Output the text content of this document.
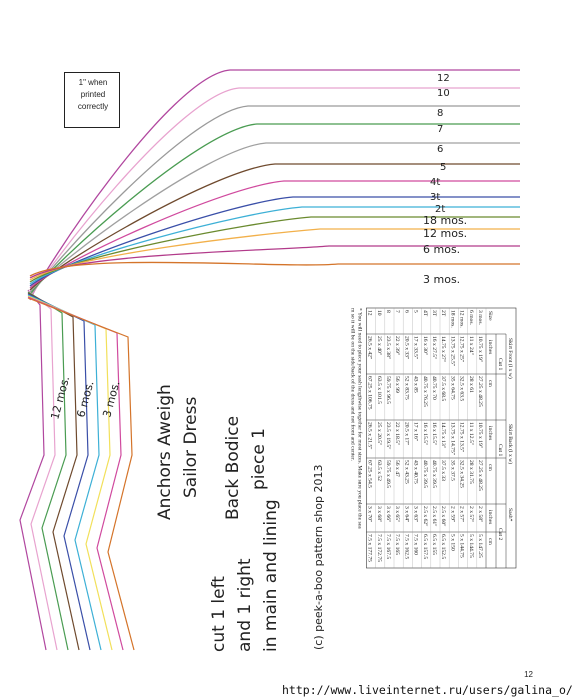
12
10
8
7
6
5
4t
3t
2t
18 mos.
12 mos.
6 mos.
3 mos.
12 mos. 6 mos. 3 mos. Anchors Aweigh Sailor Dress Back Bodice piece 1
cut 1 left and 1 right in main and lining	(c) peek-a-boo pattern shop 2013
Size
Skirt Front (l x w)
Skirt Back (l x w)
Sash*
Cut 1
Cut 1
Cut 2
inches
cm
inches
cm
inches
cm
3 mos.
10.75 x 19"
27.25 x 48.25
10.75 x 19"
27.25 x 48.25
2 x 58"
5 x 147.25
6 mos.
11 x 24"
28 x 61
11 x 12.5"
28 x 31.75
2 x 57"
5 x 144.75
12 mos.
12.75 x 25"
32.5 x 63.5
12.75 x 13.5"
32.5 x 34.25
2 x 57"
5 x 144.75
18 mos.
13.75 x 25.5"
35 x 64.75
13.75 x 14.75"
35 x 37.5
2 x 59"
5 x 150
2T
14.75 x 27"
37.5 x 68.5
14.75 x 13"
37.5 x 33
2.5 x 60"
6.5 x 152.5
3T
16 x 27.5"
40.75 x 70
16 x 15.5"
40.75 x 39.5
2.5 x 61"
6.5 x 155
4T
16 x 30"
40.75 x 76.25
16 x 15.5"
40.75 x 39.5
2.5 x 62"
6.5 x 157.5
5
17 x 33.5"
43 x 85
17 x 16"
43 x 40.75
3 x 63"
7.5 x 160
6
20.5 x 33"
52 x 83.75
20.5 x 17"
52 x 43.25
3 x 64"
7.5 x 162.5
7
22 x 39"
56 x 99
22 x 18.5"
56 x 47
3 x 65"
7.5 x 165
8
23.5 x 38"
59.75 x 96.5
23.5 x 19.5"
59.75 x 49.5
3 x 66"
7.5 x 167.5
10
25 x 40"
63.5 x 101.5
25 x 20.5"
63.5 x 52
3 x 68"
7.5 x 172.75
12
26.5 x 42"
67.25 x 106.75
26.5 x 21.5"
67.25 x 54.5
3 x 70"
7.5 x 177.75
* You will need to piece your sash lengthwise together for most sizes. Make sure you place the sea
m so it will be on the side/back of the dress and not front and center.
1" when printed correctly
12
http://www.liveinternet.ru/users/galina_o/
